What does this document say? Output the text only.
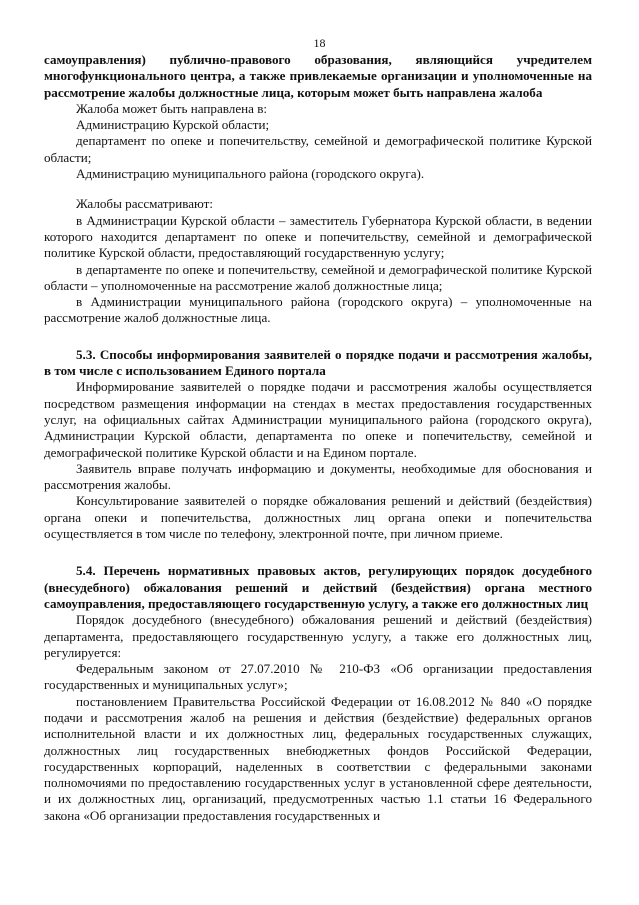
18

самоуправления) публично-правового образования, являющийся учредителем многофункционального центра, а также привлекаемые организации и уполномоченные на рассмотрение жалобы должностные лица, которым может быть направлена жалоба

Жалоба может быть направлена в:

Администрацию Курской области;

департамент по опеке и попечительству, семейной и демографической политике Курской области;

Администрацию муниципального района (городского округа).

Жалобы рассматривают:

в Администрации Курской области – заместитель Губернатора Курской области, в ведении которого находится департамент по опеке и попечительству, семейной и демографической политике Курской области, предоставляющий государственную услугу;

в департаменте по опеке и попечительству, семейной и демографической политике Курской области – уполномоченные на рассмотрение жалоб должностные лица;

в Администрации муниципального района (городского округа) – уполномоченные на рассмотрение жалоб должностные лица.

5.3. Способы информирования заявителей о порядке подачи и рассмотрения жалобы, в том числе с использованием Единого портала

Информирование заявителей о порядке подачи и рассмотрения жалобы осуществляется посредством размещения информации на стендах в местах предоставления государственных услуг, на официальных сайтах Администрации муниципального района (городского округа), Администрации Курской области, департамента по опеке и попечительству, семейной и демографической политике Курской области и на Едином портале.

Заявитель вправе получать информацию и документы, необходимые для обоснования и рассмотрения жалобы.

Консультирование заявителей о порядке обжалования решений и действий (бездействия) органа опеки и попечительства, должностных лиц органа опеки и попечительства осуществляется в том числе по телефону, электронной почте, при личном приеме.

5.4. Перечень нормативных правовых актов, регулирующих порядок досудебного (внесудебного) обжалования решений и действий (бездействия) органа местного самоуправления, предоставляющего государственную услугу, а также его должностных лиц

Порядок досудебного (внесудебного) обжалования решений и действий (бездействия) департамента, предоставляющего государственную услугу, а также его должностных лиц, регулируется:

Федеральным законом от 27.07.2010 № 210-ФЗ «Об организации предоставления государственных и муниципальных услуг»;

постановлением Правительства Российской Федерации от 16.08.2012 № 840 «О порядке подачи и рассмотрения жалоб на решения и действия (бездействие) федеральных органов исполнительной власти и их должностных лиц, федеральных государственных служащих, должностных лиц государственных внебюджетных фондов Российской Федерации, государственных корпораций, наделенных в соответствии с федеральными законами полномочиями по предоставлению государственных услуг в установленной сфере деятельности, и их должностных лиц, организаций, предусмотренных частью 1.1 статьи 16 Федерального закона «Об организации предоставления государственных и
